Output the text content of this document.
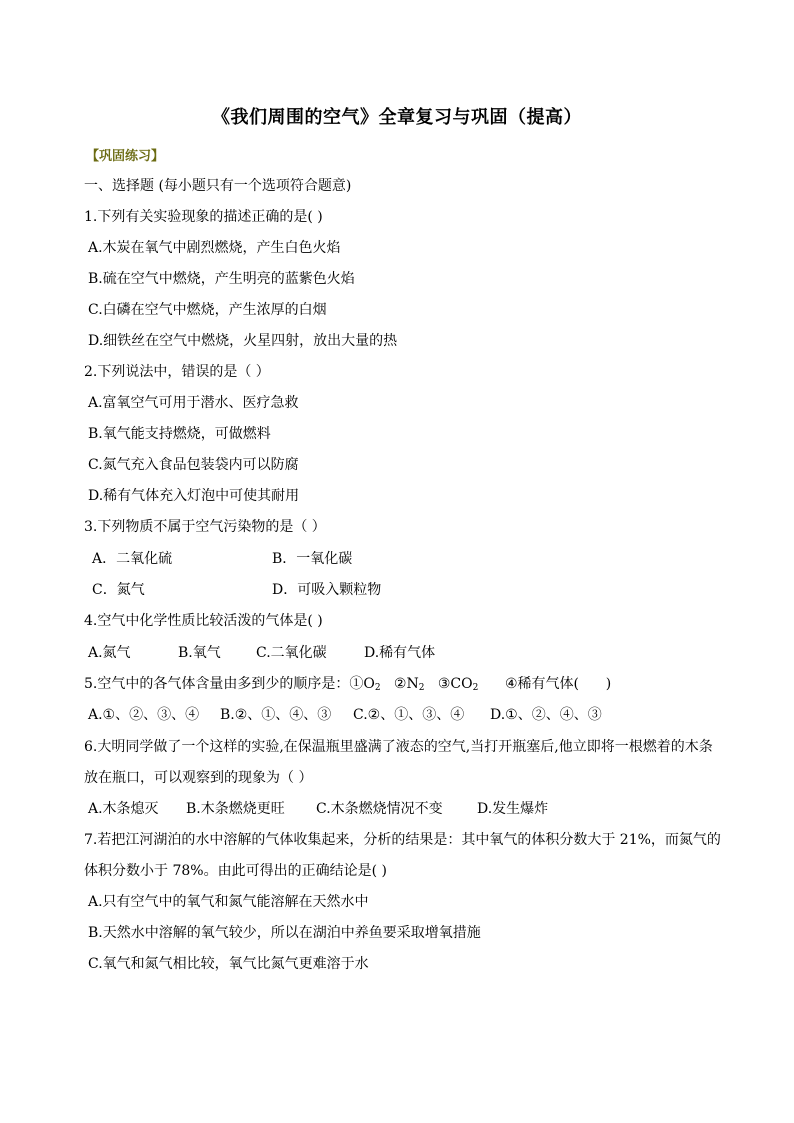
《我们周围的空气》全章复习与巩固（提高）
【巩固练习】
一、选择题 (每小题只有一个选项符合题意)
1.下列有关实验现象的描述正确的是( )
A.木炭在氧气中剧烈燃烧，产生白色火焰
B.硫在空气中燃烧，产生明亮的蓝紫色火焰
C.白磷在空气中燃烧，产生浓厚的白烟
D.细铁丝在空气中燃烧，火星四射，放出大量的热
2.下列说法中，错误的是（ ）
A.富氧空气可用于潜水、医疗急救
B.氧气能支持燃烧，可做燃料
C.氮气充入食品包装袋内可以防腐
D.稀有气体充入灯泡中可使其耐用
3.下列物质不属于空气污染物的是（ ）
A．二氧化硫	B．一氧化碳
C．氮气	D．可吸入颗粒物
4.空气中化学性质比较活泼的气体是( )
A.氮气	B.氧气	C.二氧化碳	D.稀有气体
5.空气中的各气体含量由多到少的顺序是：$①O_2$   $②N_2$   $③CO_2$      ④稀有气体(      )
A.①、②、③、④ B.②、①、④、③ C.②、①、③、④ D.①、②、④、③
6.大明同学做了一个这样的实验,在保温瓶里盛满了液态的空气,当打开瓶塞后,他立即将一根燃着的木条
放在瓶口，可以观察到的现象为（ ）
A.木条熄灭 B.木条燃烧更旺 C.木条燃烧情况不变 D.发生爆炸
7.若把江河湖泊的水中溶解的气体收集起来，分析的结果是：其中氧气的体积分数大于 21%，而氮气的
体积分数小于 78%。由此可得出的正确结论是( )
A.只有空气中的氧气和氮气能溶解在天然水中
B.天然水中溶解的氧气较少，所以在湖泊中养鱼要采取增氧措施
C.氧气和氮气相比较，氧气比氮气更难溶于水
